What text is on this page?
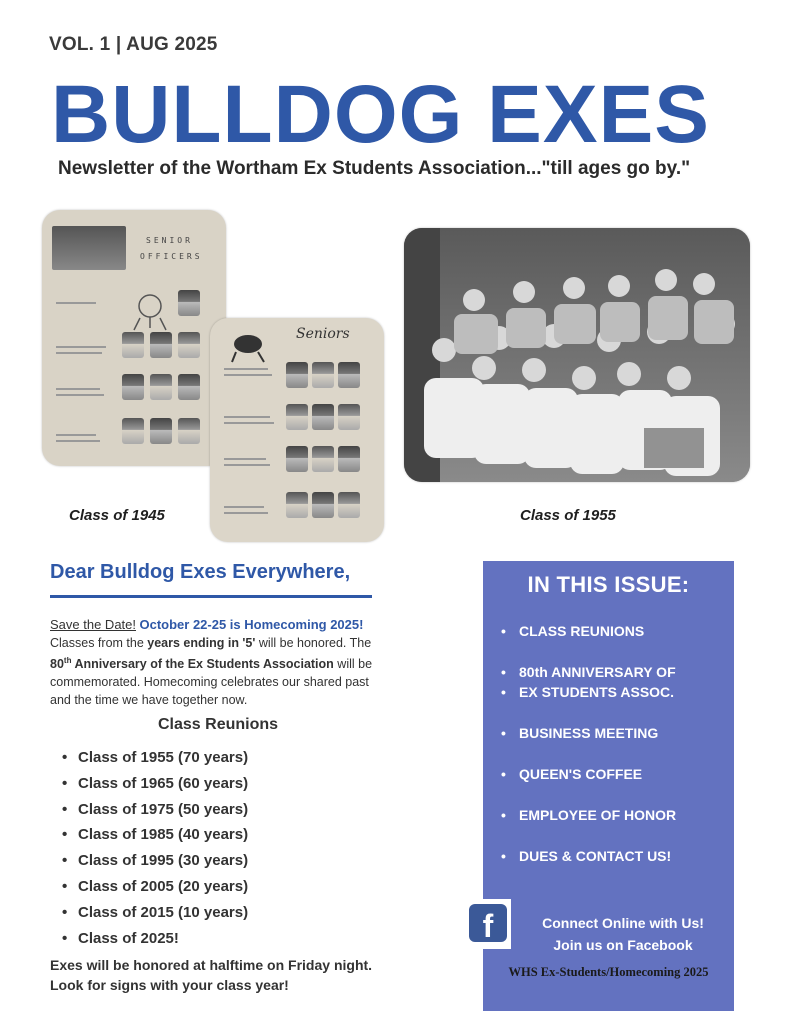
VOL. 1 | AUG 2025
BULLDOG EXES
Newsletter of the Wortham Ex Students Association..."till ages go by."
SENIOR
OFFICERS
Seniors
Class of 1945	Class of 1955
Dear Bulldog Exes Everywhere,
Save the Date! October 22-25 is Homecoming 2025!
Classes from the years ending in '5' will be honored. The 80th Anniversary of the Ex Students Association will be commemorated. Homecoming celebrates our shared past and the time we have together now.
Class Reunions
• Class of 1955 (70 years)
• Class of 1965 (60 years)
• Class of 1975 (50 years)
• Class of 1985 (40 years)
• Class of 1995 (30 years)
• Class of 2005 (20 years)
• Class of 2015 (10 years)
• Class of 2025!
Exes will be honored at halftime on Friday night.
Look for signs with your class year!
IN THIS ISSUE:
• CLASS REUNIONS
• 80th ANNIVERSARY OF
• EX STUDENTS ASSOC.
• BUSINESS MEETING
• QUEEN'S COFFEE
• EMPLOYEE OF HONOR
• DUES & CONTACT US!
f	Connect Online with Us!
Join us on Facebook
WHS Ex-Students/Homecoming 2025
